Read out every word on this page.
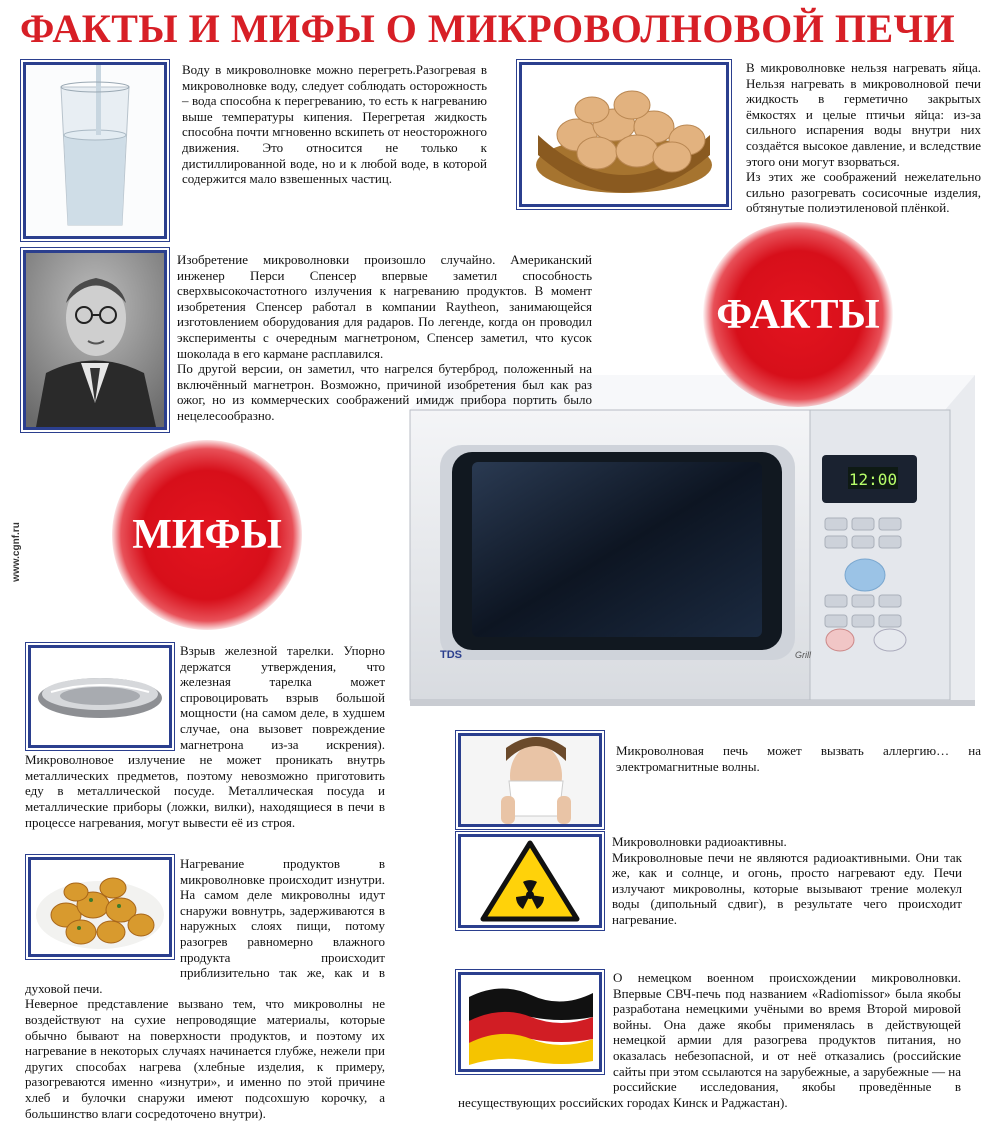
ФАКТЫ И МИФЫ О МИКРОВОЛНОВОЙ ПЕЧИ
www.cgnf.ru
12:00
TDS	Grill
Воду в микроволновке можно перегреть.Разогревая в микроволновке воду, следует соблюдать осторожность – вода способна к перегреванию, то есть к нагреванию выше температуры кипения. Перегретая жидкость способна почти мгновенно вскипеть от неосторожного движения. Это относится не только к дистиллированной воде, но и к любой воде, в которой содержится мало взвешенных частиц.

В микроволновке нельзя нагревать яйца. Нельзя нагревать в микроволновой печи жидкость в герметично закрытых ёмкостях и целые птичьи яйца: из-за сильного испарения воды внутри них создаётся высокое давление, и вследствие этого они могут взорваться.

Из этих же соображений нежелательно сильно разогревать сосисочные изделия, обтянутые полиэтиленовой плёнкой.

Изобретение микроволновки произошло случайно. Американский инженер Перси Спенсер впервые заметил способность сверхвысокочастотного излучения к нагреванию продуктов. В момент изобретения Спенсер работал в компании Raytheon, занимающейся изготовлением оборудования для радаров. По легенде, когда он проводил эксперименты с очередным магнетроном, Спенсер заметил, что кусок шоколада в его кармане расплавился.

По другой версии, он заметил, что нагрелся бутерброд, положенный на включённый магнетрон. Возможно, причиной изобретения был как раз ожог, но из коммерческих соображений имидж прибора портить было нецелесообразно.

ФАКТЫ
МИФЫ
Взрыв железной тарелки. Упорно держатся утверждения, что железная тарелка может спровоцировать взрыв большой мощности (на самом деле, в худшем случае, она вызовет повреждение магнетрона из-за искрения). Микроволновое излучение не может проникать внутрь металлических предметов, поэтому невозможно приготовить еду в металлической посуде. Металлическая посуда и металлические приборы (ложки, вилки), находящиеся в печи в процессе нагревания, могут вывести её из строя.
Микроволновая печь может вызвать аллергию… на электромагнитные волны.

Микроволновки радиоактивны.

Микроволновые печи не являются радиоактивными. Они так же, как и солнце, и огонь, просто нагревают еду. Печи излучают микроволны, которые вызывают трение молекул воды (дипольный сдвиг), в результате чего происходит нагревание.

Нагревание продуктов в микроволновке происходит изнутри. На самом деле микроволны идут снаружи вовнутрь, задерживаются в наружных слоях пищи, потому разогрев равномерно влажного продукта происходит приблизительно так же, как и в духовой печи.

Неверное представление вызвано тем, что микроволны не воздействуют на сухие непроводящие материалы, которые обычно бывают на поверхности продуктов, и поэтому их нагревание в некоторых случаях начинается глубже, нежели при других способах нагрева (хлебные изделия, к примеру, разогреваются именно «изнутри», и именно по этой причине хлеб и булочки снаружи имеют подсохшую корочку, а большинство влаги сосредоточено внутри).

О немецком военном происхождении микроволновки. Впервые СВЧ-печь под названием «Radiomissor» была якобы разработана немецкими учёными во время Второй мировой войны. Она даже якобы применялась в действующей немецкой армии для разогрева продуктов питания, но оказалась небезопасной, и от неё отказались (российские сайты при этом ссылаются на зарубежные, а зарубежные — на российские исследования, якобы проведённые в несуществующих российских городах Кинск и Раджастан).
